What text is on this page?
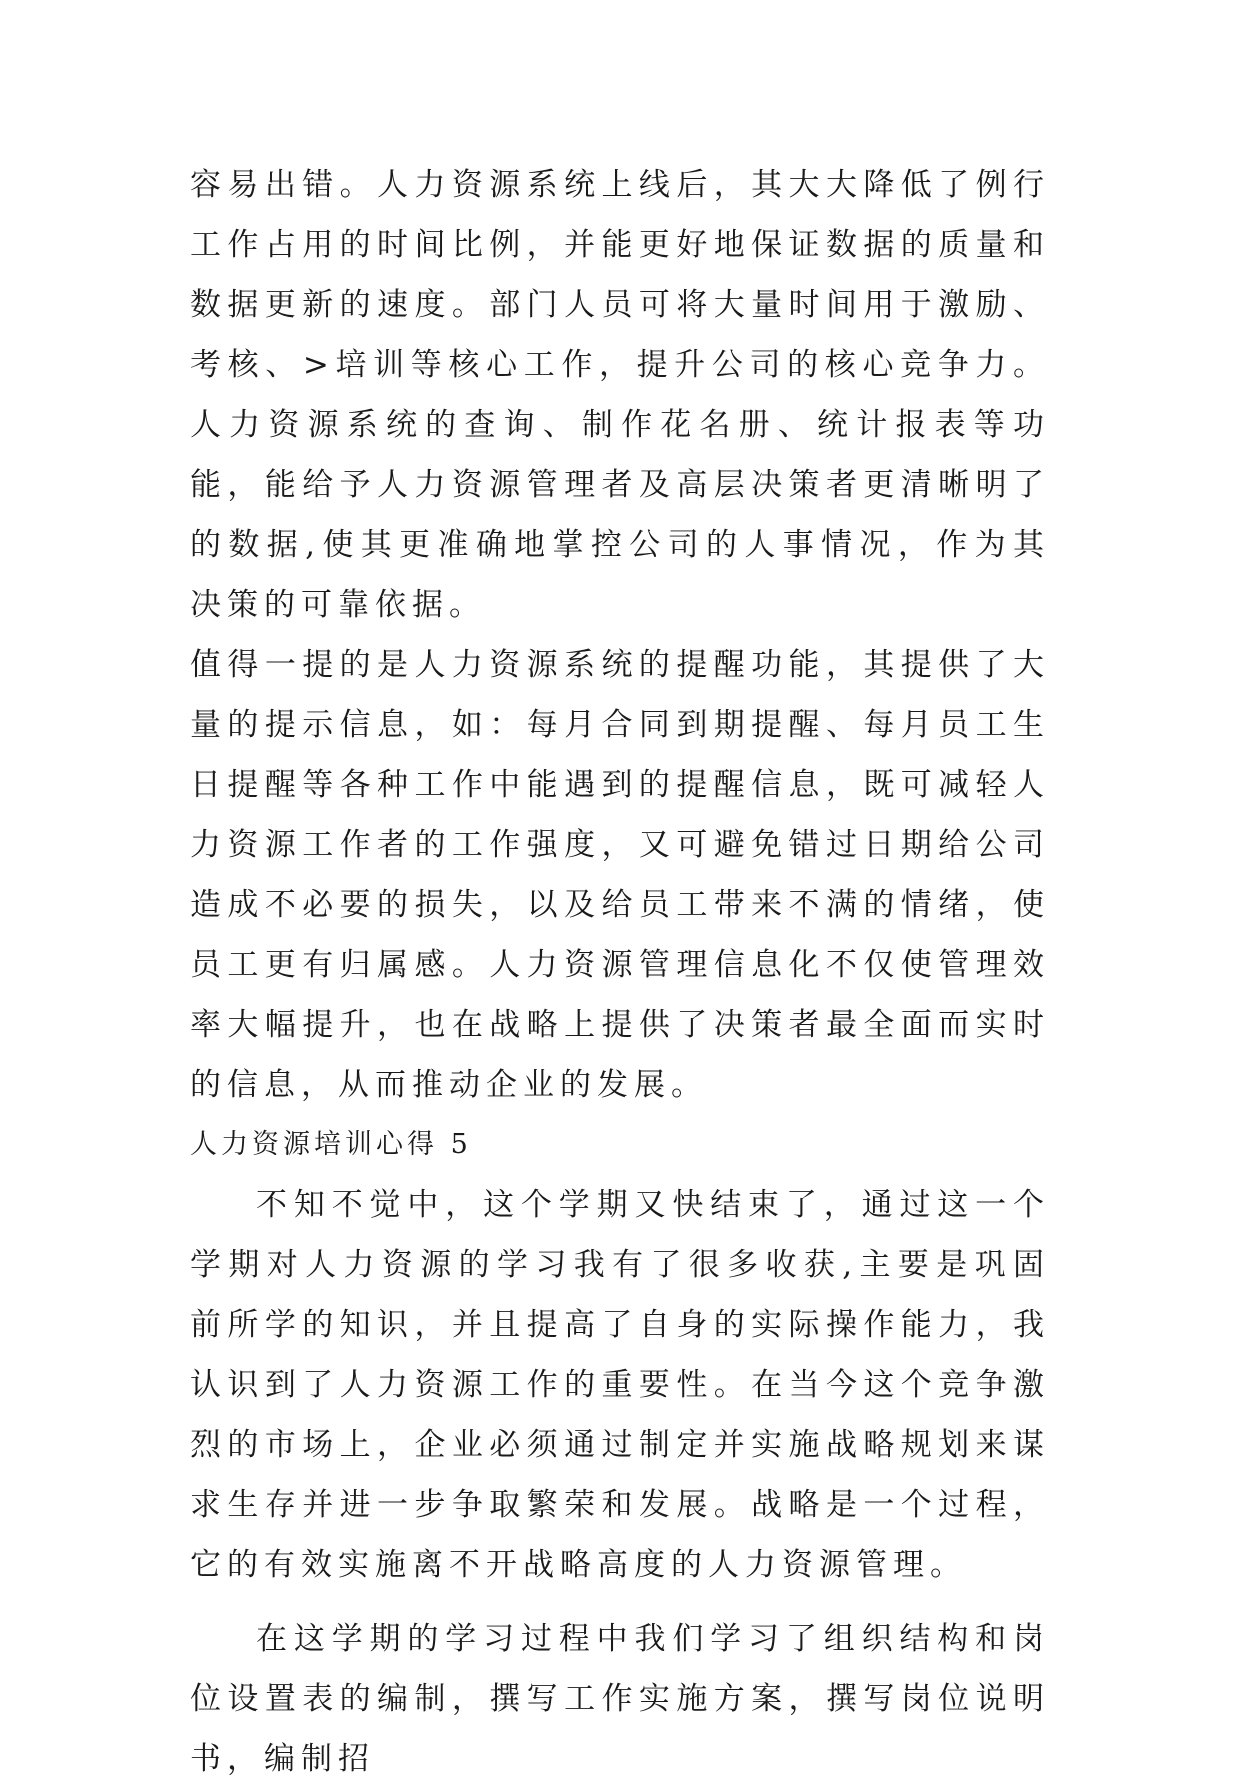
容易出错。人力资源系统上线后，其大大降低了例行工作占用的时间比例，并能更好地保证数据的质量和数据更新的速度。部门人员可将大量时间用于激励、考核、>培训等核心工作，提升公司的核心竞争力。人力资源系统的查询、制作花名册、统计报表等功能，能给予人力资源管理者及高层决策者更清晰明了的数据,使其更准确地掌控公司的人事情况，作为其决策的可靠依据。

值得一提的是人力资源系统的提醒功能，其提供了大量的提示信息，如：每月合同到期提醒、每月员工生日提醒等各种工作中能遇到的提醒信息，既可减轻人力资源工作者的工作强度，又可避免错过日期给公司造成不必要的损失，以及给员工带来不满的情绪，使员工更有归属感。人力资源管理信息化不仅使管理效率大幅提升，也在战略上提供了决策者最全面而实时的信息，从而推动企业的发展。

人力资源培训心得 5

不知不觉中，这个学期又快结束了，通过这一个学期对人力资源的学习我有了很多收获,主要是巩固前所学的知识，并且提高了自身的实际操作能力，我认识到了人力资源工作的重要性。在当今这个竞争激烈的市场上，企业必须通过制定并实施战略规划来谋求生存并进一步争取繁荣和发展。战略是一个过程，它的有效实施离不开战略高度的人力资源管理。

在这学期的学习过程中我们学习了组织结构和岗位设置表的编制，撰写工作实施方案，撰写岗位说明书，编制招
